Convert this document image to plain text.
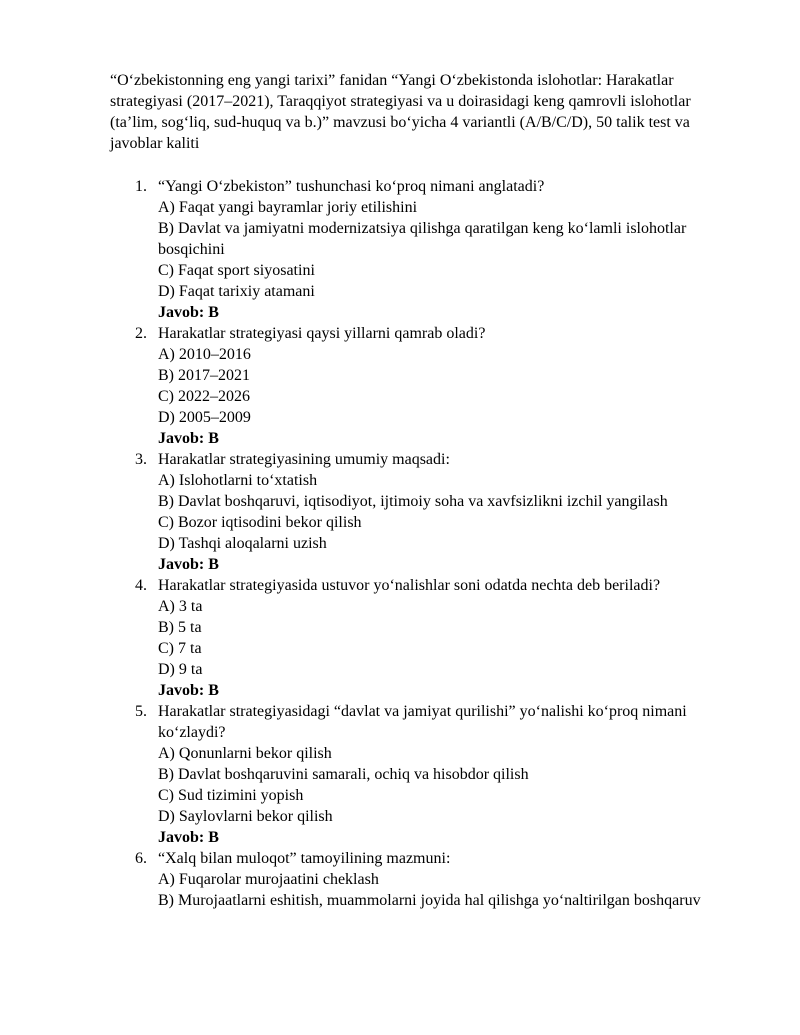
“O‘zbekistonning eng yangi tarixi” fanidan “Yangi O‘zbekistonda islohotlar: Harakatlar strategiyasi (2017–2021), Taraqqiyot strategiyasi va u doirasidagi keng qamrovli islohotlar (ta’lim, sog‘liq, sud-huquq va b.)” mavzusi bo‘yicha 4 variantli (A/B/C/D), 50 talik test va javoblar kaliti

1. “Yangi O‘zbekiston” tushunchasi ko‘proq nimani anglatadi?
A) Faqat yangi bayramlar joriy etilishini
B) Davlat va jamiyatni modernizatsiya qilishga qaratilgan keng ko‘lamli islohotlar bosqichini
C) Faqat sport siyosatini
D) Faqat tarixiy atamani
Javob: B
2. Harakatlar strategiyasi qaysi yillarni qamrab oladi?
A) 2010–2016
B) 2017–2021
C) 2022–2026
D) 2005–2009
Javob: B
3. Harakatlar strategiyasining umumiy maqsadi:
A) Islohotlarni to‘xtatish
B) Davlat boshqaruvi, iqtisodiyot, ijtimoiy soha va xavfsizlikni izchil yangilash
C) Bozor iqtisodini bekor qilish
D) Tashqi aloqalarni uzish
Javob: B
4. Harakatlar strategiyasida ustuvor yo‘nalishlar soni odatda nechta deb beriladi?
A) 3 ta
B) 5 ta
C) 7 ta
D) 9 ta
Javob: B
5. Harakatlar strategiyasidagi “davlat va jamiyat qurilishi” yo‘nalishi ko‘proq nimani ko‘zlaydi?
A) Qonunlarni bekor qilish
B) Davlat boshqaruvini samarali, ochiq va hisobdor qilish
C) Sud tizimini yopish
D) Saylovlarni bekor qilish
Javob: B
6. “Xalq bilan muloqot” tamoyilining mazmuni:
A) Fuqarolar murojaatini cheklash
B) Murojaatlarni eshitish, muammolarni joyida hal qilishga yo‘naltirilgan boshqaruv
